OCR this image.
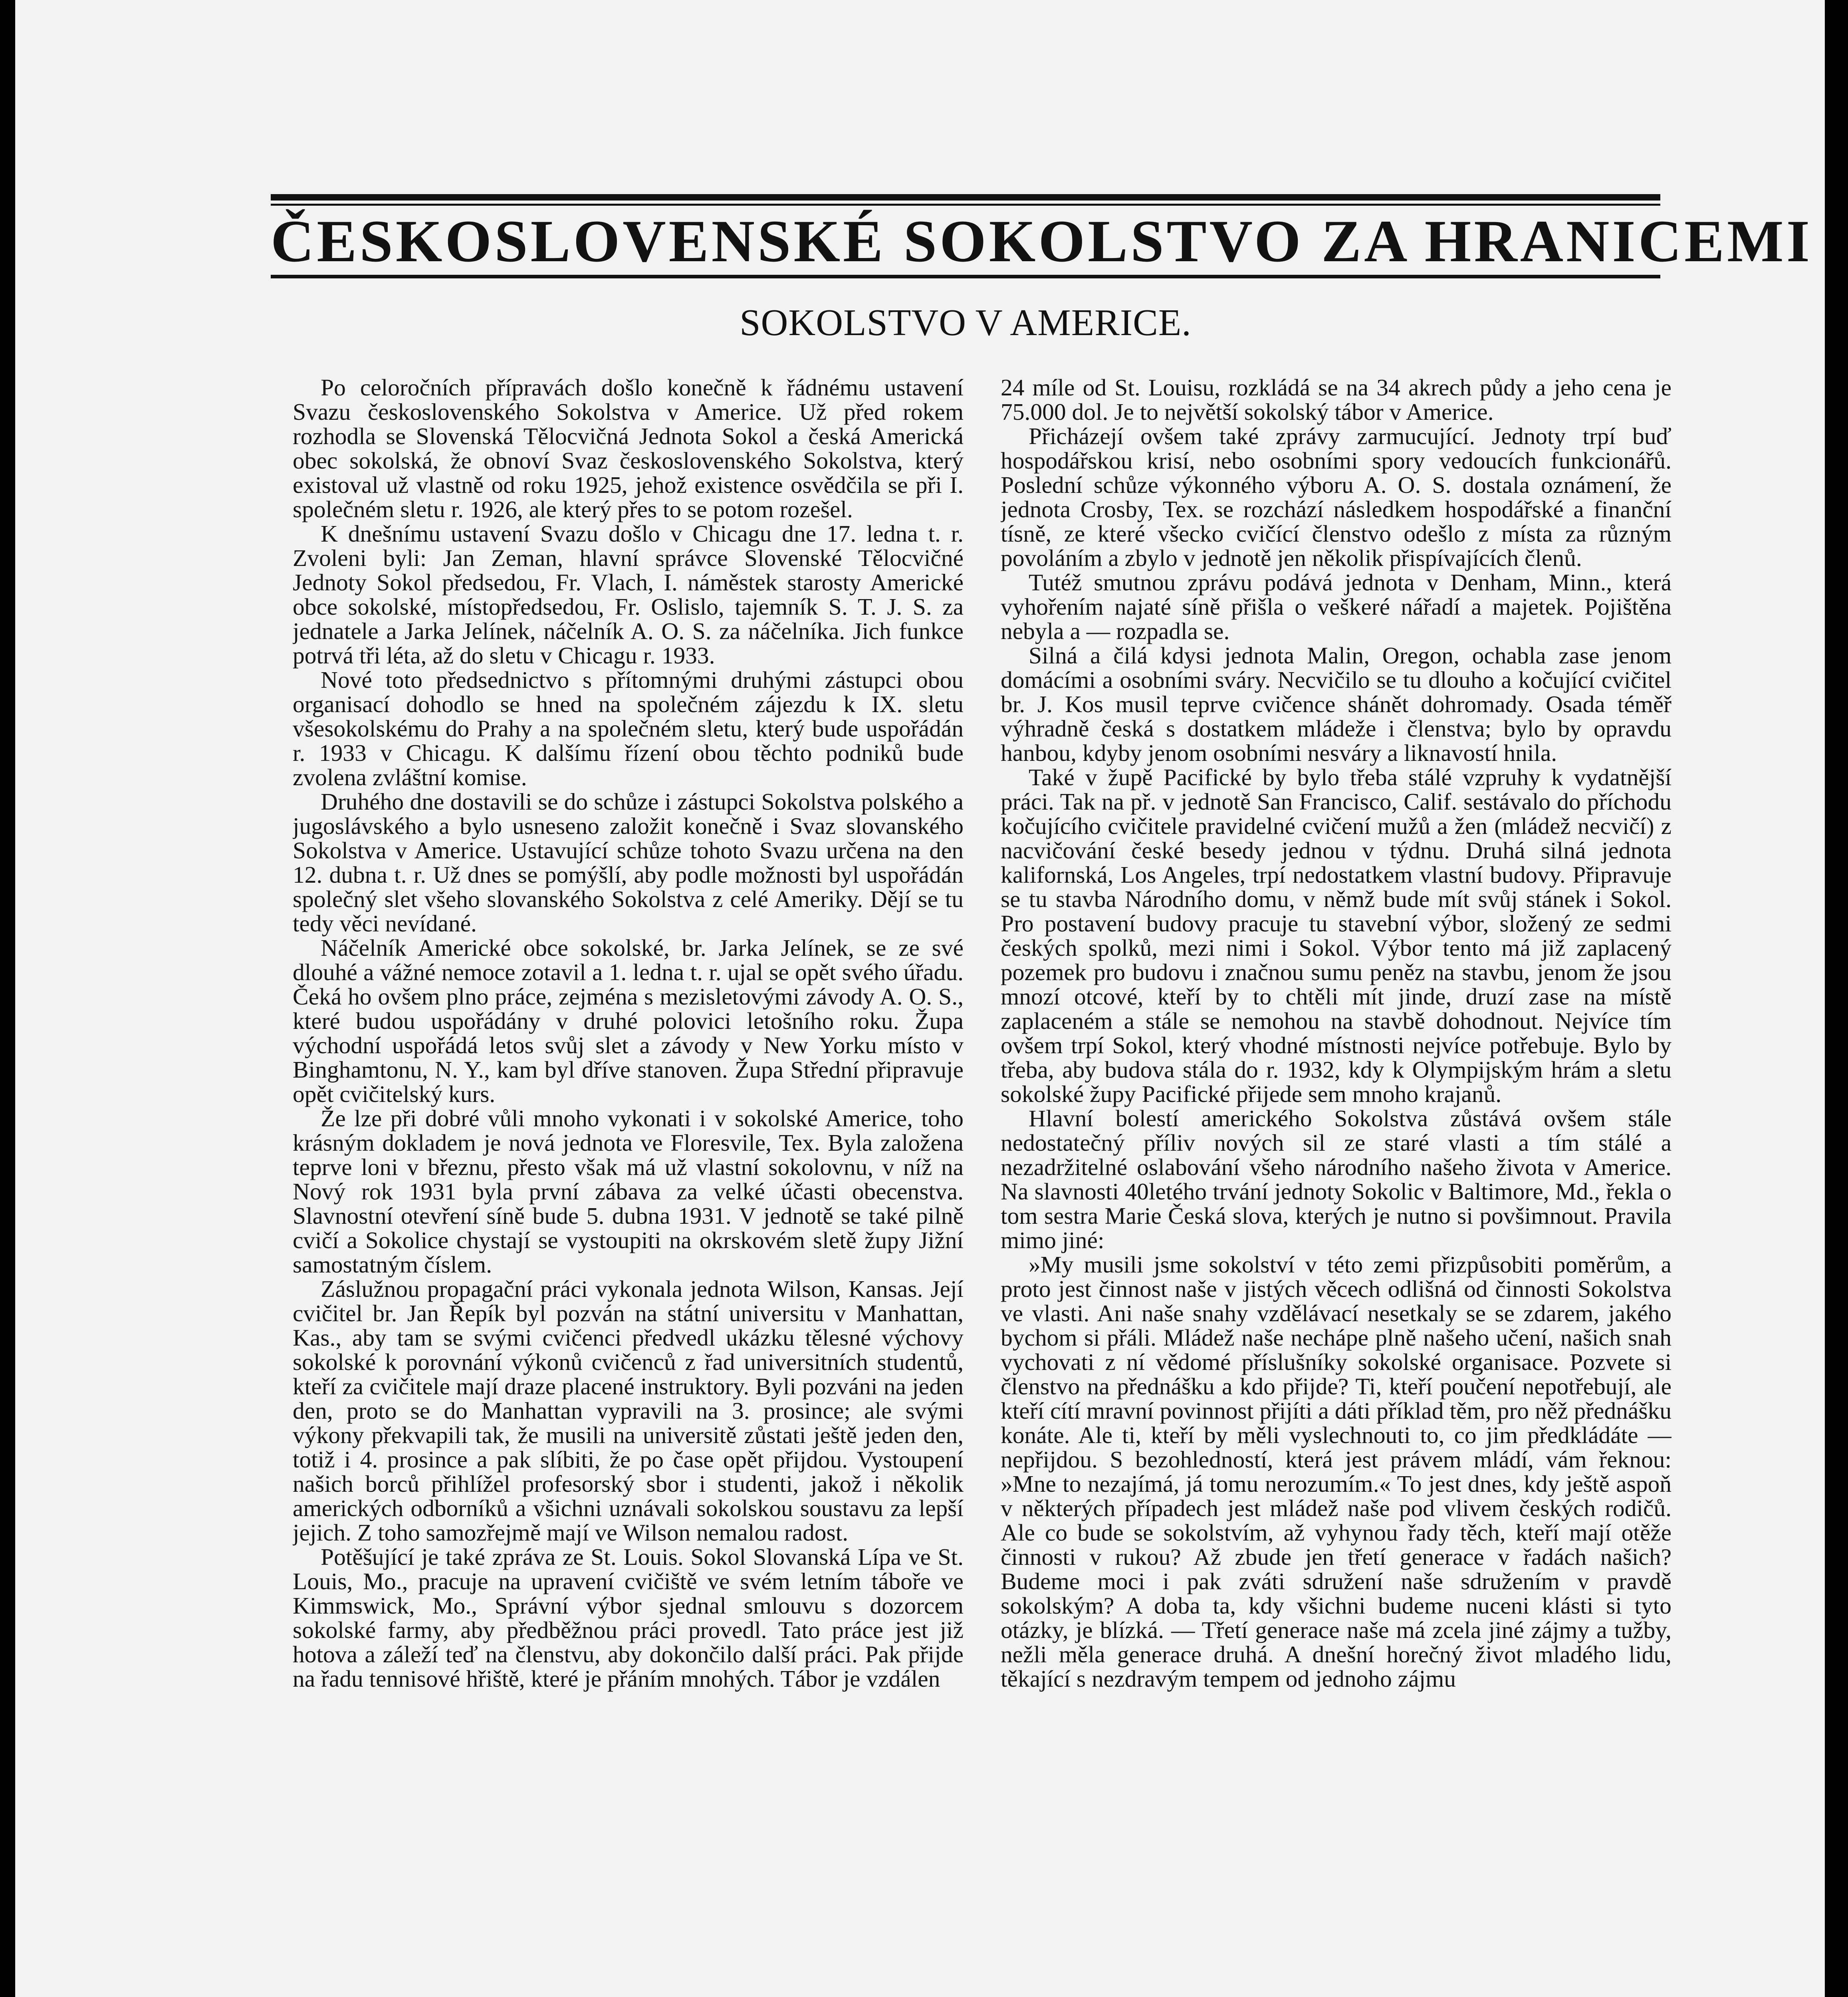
ČESKOSLOVENSKÉ SOKOLSTVO ZA HRANICEMI
SOKOLSTVO V AMERICE.

Po celoročních přípravách došlo konečně k řádnému ustavení Svazu československého Sokolstva v Americe. Už před rokem rozhodla se Slovenská Tělocvičná Jednota Sokol a česká Americká obec sokolská, že obnoví Svaz československého Sokolstva, který existoval už vlastně od roku 1925, jehož existence osvědčila se při I. společném sletu r. 1926, ale který přes to se potom rozešel.

K dnešnímu ustavení Svazu došlo v Chicagu dne 17. ledna t. r. Zvoleni byli: Jan Zeman, hlavní správce Slovenské Tělocvičné Jednoty Sokol předsedou, Fr. Vlach, I. náměstek starosty Americké obce sokolské, místopředsedou, Fr. Oslislo, tajemník S. T. J. S. za jednatele a Jarka Jelínek, náčelník A. O. S. za náčelníka. Jich funkce potrvá tři léta, až do sletu v Chicagu r. 1933.

Nové toto předsednictvo s přítomnými druhými zástupci obou organisací dohodlo se hned na společném zájezdu k IX. sletu všesokolskému do Prahy a na společném sletu, který bude uspořádán r. 1933 v Chicagu. K dalšímu řízení obou těchto podniků bude zvolena zvláštní komise.

Druhého dne dostavili se do schůze i zástupci Sokolstva polského a jugoslávského a bylo usneseno založit konečně i Svaz slovanského Sokolstva v Americe. Ustavující schůze tohoto Svazu určena na den 12. dubna t. r. Už dnes se pomýšlí, aby podle možnosti byl uspořádán společný slet všeho slovanského Sokolstva z celé Ameriky. Dějí se tu tedy věci nevídané.

Náčelník Americké obce sokolské, br. Jarka Jelínek, se ze své dlouhé a vážné nemoce zotavil a 1. ledna t. r. ujal se opět svého úřadu. Čeká ho ovšem plno práce, zejména s mezisletovými závody A. O. S., které budou uspořádány v druhé polovici letošního roku. Župa východní uspořádá letos svůj slet a závody v New Yorku místo v Binghamtonu, N. Y., kam byl dříve stanoven. Župa Střední připravuje opět cvičitelský kurs.

Že lze při dobré vůli mnoho vykonati i v sokolské Americe, toho krásným dokladem je nová jednota ve Floresvile, Tex. Byla založena teprve loni v březnu, přesto však má už vlastní sokolovnu, v níž na Nový rok 1931 byla první zábava za velké účasti obecenstva. Slavnostní otevření síně bude 5. dubna 1931. V jednotě se také pilně cvičí a Sokolice chystají se vystoupiti na okrskovém sletě župy Jižní samostatným číslem.

Záslužnou propagační práci vykonala jednota Wilson, Kansas. Její cvičitel br. Jan Řepík byl pozván na státní universitu v Manhattan, Kas., aby tam se svými cvičenci předvedl ukázku tělesné výchovy sokolské k porovnání výkonů cvičenců z řad universitních studentů, kteří za cvičitele mají draze placené instruktory. Byli pozváni na jeden den, proto se do Manhattan vypravili na 3. prosince; ale svými výkony překvapili tak, že musili na universitě zůstati ještě jeden den, totiž i 4. prosince a pak slíbiti, že po čase opět přijdou. Vystoupení našich borců přihlížel profesorský sbor i studenti, jakož i několik amerických odborníků a všichni uznávali sokolskou soustavu za lepší jejich. Z toho samozřejmě mají ve Wilson nemalou radost.

Potěšující je také zpráva ze St. Louis. Sokol Slovanská Lípa ve St. Louis, Mo., pracuje na upravení cvičiště ve svém letním táboře ve Kimmswick, Mo., Správní výbor sjednal smlouvu s dozorcem sokolské farmy, aby předběžnou práci provedl. Tato práce jest již hotova a záleží teď na členstvu, aby dokončilo další práci. Pak přijde na řadu tennisové hřiště, které je přáním mnohých. Tábor je vzdálen

24 míle od St. Louisu, rozkládá se na 34 akrech půdy a jeho cena je 75.000 dol. Je to největší sokolský tábor v Americe.

Přicházejí ovšem také zprávy zarmucující. Jednoty trpí buď hospodářskou krisí, nebo osobními spory vedoucích funkcionářů. Poslední schůze výkonného výboru A. O. S. dostala oznámení, že jednota Crosby, Tex. se rozchází následkem hospodářské a finanční tísně, ze které všecko cvičící členstvo odešlo z místa za různým povoláním a zbylo v jednotě jen několik přispívajících členů.

Tutéž smutnou zprávu podává jednota v Denham, Minn., která vyhořením najaté síně přišla o veškeré nářadí a majetek. Pojištěna nebyla a — rozpadla se.

Silná a čilá kdysi jednota Malin, Oregon, ochabla zase jenom domácími a osobními sváry. Necvičilo se tu dlouho a kočující cvičitel br. J. Kos musil teprve cvičence shánět dohromady. Osada téměř výhradně česká s dostatkem mládeže i členstva; bylo by opravdu hanbou, kdyby jenom osobními nesváry a liknavostí hnila.

Také v župě Pacifické by bylo třeba stálé vzpruhy k vydatnější práci. Tak na př. v jednotě San Francisco, Calif. sestávalo do příchodu kočujícího cvičitele pravidelné cvičení mužů a žen (mládež necvičí) z nacvičování české besedy jednou v týdnu. Druhá silná jednota kalifornská, Los Angeles, trpí nedostatkem vlastní budovy. Připravuje se tu stavba Národního domu, v němž bude mít svůj stánek i Sokol. Pro postavení budovy pracuje tu stavební výbor, složený ze sedmi českých spolků, mezi nimi i Sokol. Výbor tento má již zaplacený pozemek pro budovu i značnou sumu peněz na stavbu, jenom že jsou mnozí otcové, kteří by to chtěli mít jinde, druzí zase na místě zaplaceném a stále se nemohou na stavbě dohodnout. Nejvíce tím ovšem trpí Sokol, který vhodné místnosti nejvíce potřebuje. Bylo by třeba, aby budova stála do r. 1932, kdy k Olympijským hrám a sletu sokolské župy Pacifické přijede sem mnoho krajanů.

Hlavní bolestí amerického Sokolstva zůstává ovšem stále nedostatečný příliv nových sil ze staré vlasti a tím stálé a nezadržitelné oslabování všeho národního našeho života v Americe. Na slavnosti 40letého trvání jednoty Sokolic v Baltimore, Md., řekla o tom sestra Marie Česká slova, kterých je nutno si povšimnout. Pravila mimo jiné:

»My musili jsme sokolství v této zemi přizpůsobiti poměrům, a proto jest činnost naše v jistých věcech odlišná od činnosti Sokolstva ve vlasti. Ani naše snahy vzdělávací nesetkaly se se zdarem, jakého bychom si přáli. Mládež naše nechápe plně našeho učení, našich snah vychovati z ní vědomé příslušníky sokolské organisace. Pozvete si členstvo na přednášku a kdo přijde? Ti, kteří poučení nepotřebují, ale kteří cítí mravní povinnost přijíti a dáti příklad těm, pro něž přednášku konáte. Ale ti, kteří by měli vyslechnouti to, co jim předkládáte — nepřijdou. S bezohledností, která jest právem mládí, vám řeknou: »Mne to nezajímá, já tomu nerozumím.« To jest dnes, kdy ještě aspoň v některých případech jest mládež naše pod vlivem českých rodičů. Ale co bude se sokolstvím, až vyhynou řady těch, kteří mají otěže činnosti v rukou? Až zbude jen třetí generace v řadách našich? Budeme moci i pak zváti sdružení naše sdružením v pravdě sokolským? A doba ta, kdy všichni budeme nuceni klásti si tyto otázky, je blízká. — Třetí generace naše má zcela jiné zájmy a tužby, nežli měla generace druhá. A dnešní horečný život mladého lidu, těkající s nezdravým tempem od jednoho zájmu
